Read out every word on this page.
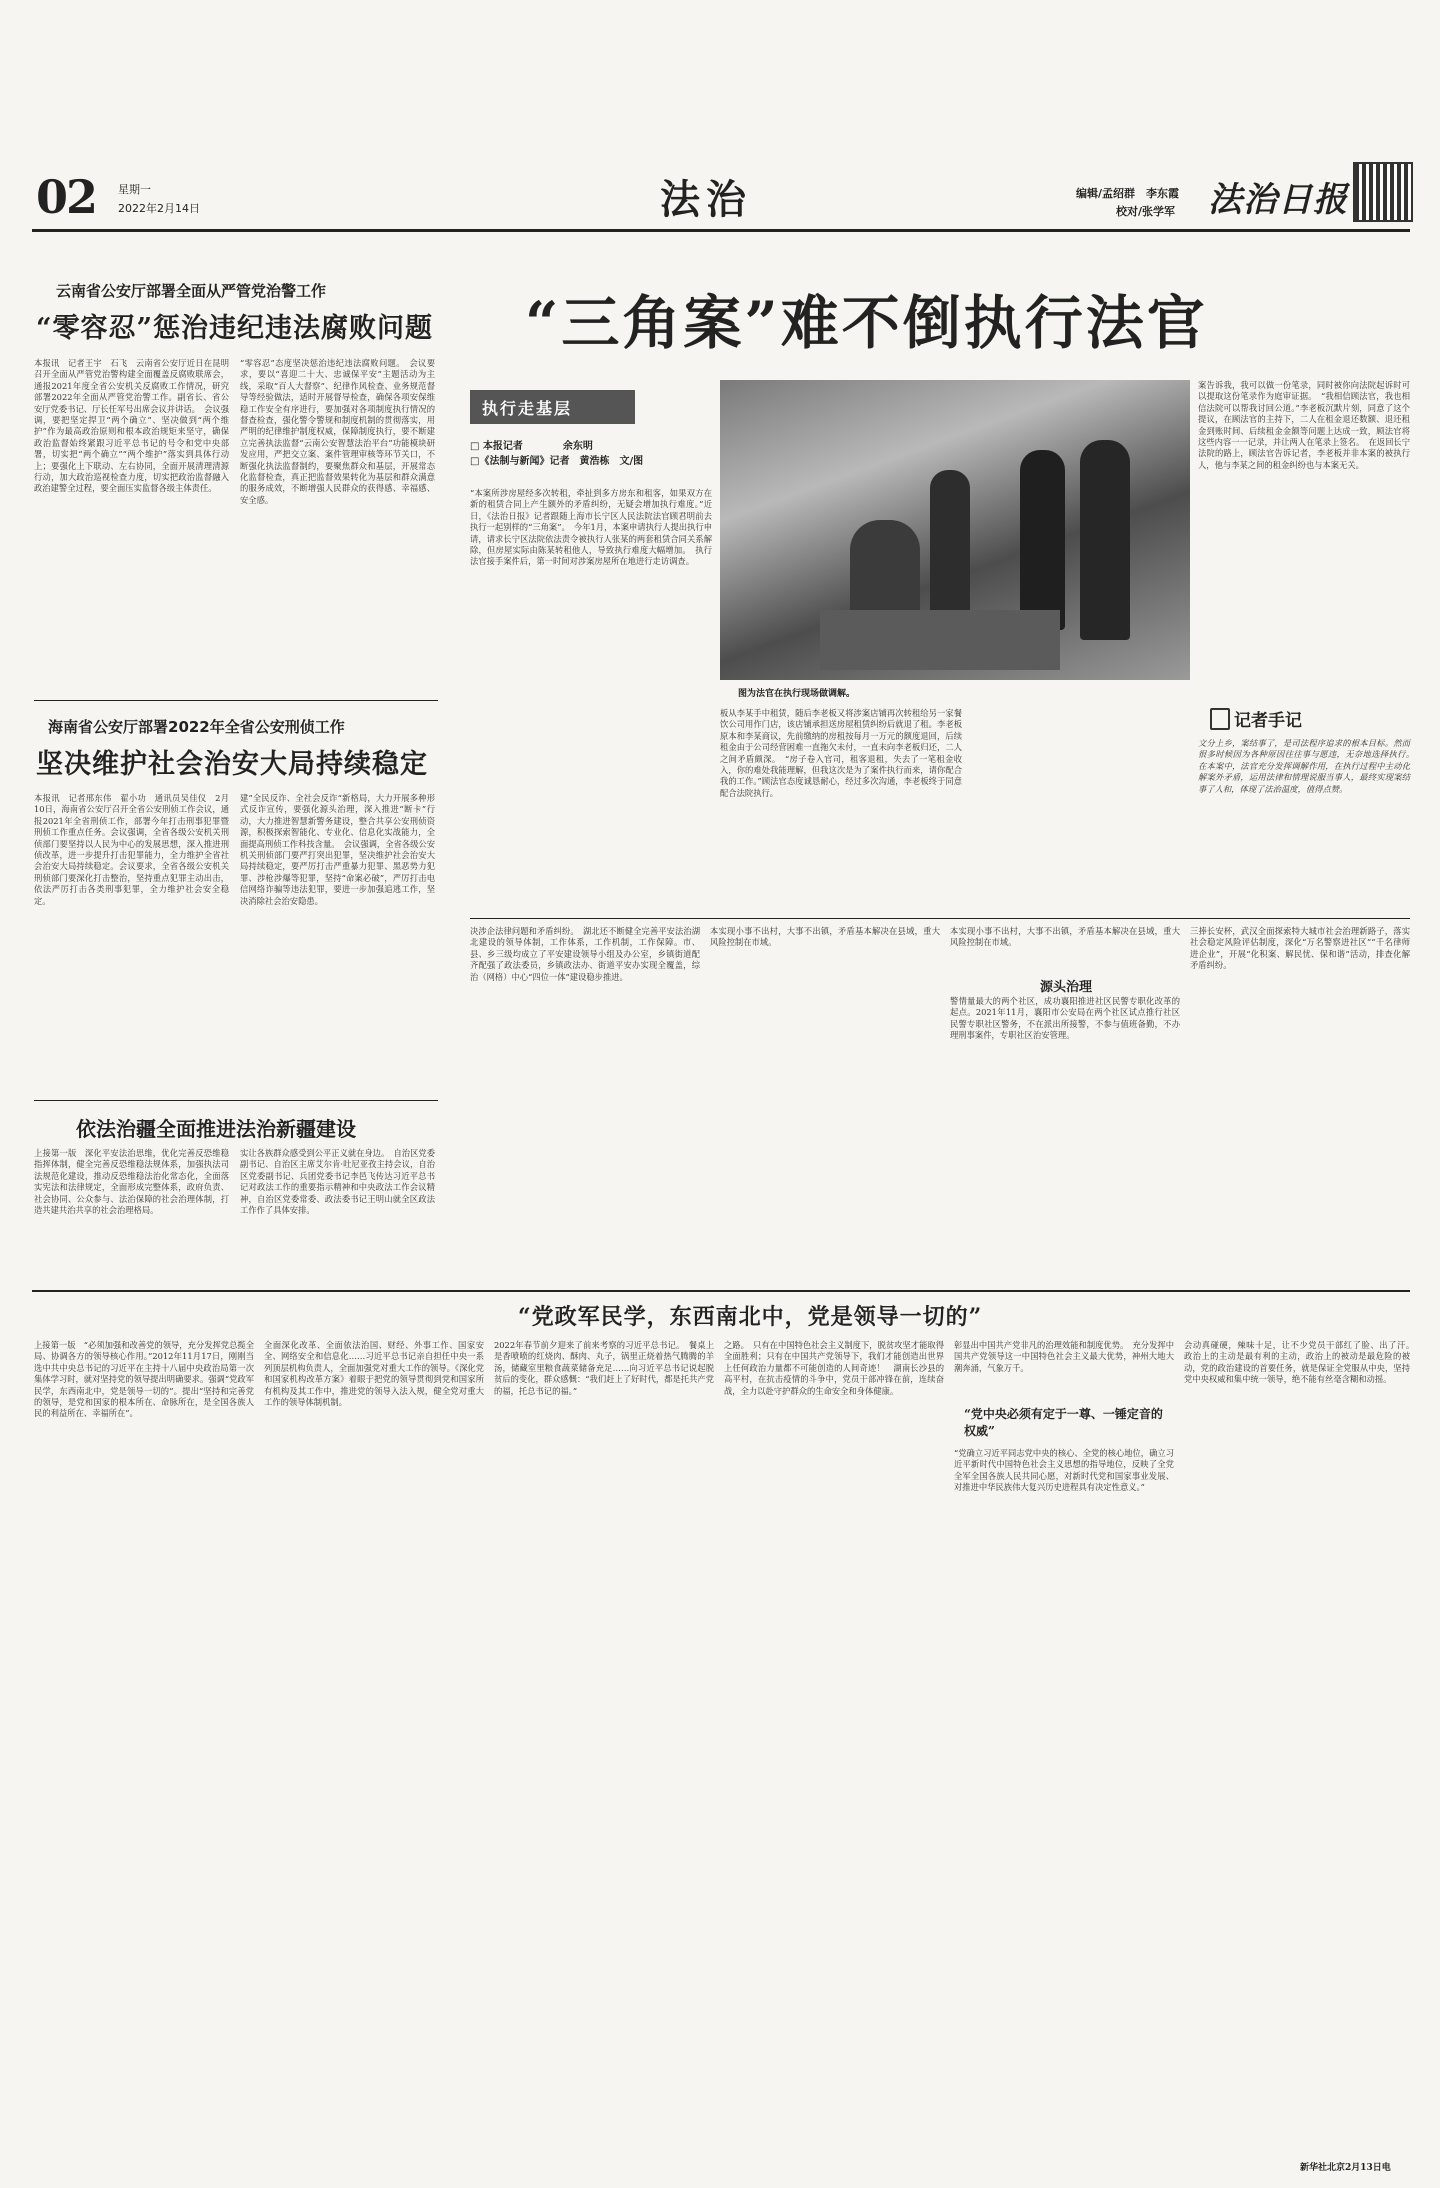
02 星期一
2022年2月14日	法治	编辑/孟绍群　李东霞
校对/张学军 法治日报
云南省公安厅部署全面从严管党治警工作
“零容忍”惩治违纪违法腐败问题
本报讯　记者王宇　石飞　云南省公安厅近日在昆明召开全面从严管党治警构建全面覆盖反腐败联席会，通报2021年度全省公安机关反腐败工作情况，研究部署2022年全面从严管党治警工作。副省长、省公安厅党委书记、厅长任军号出席会议并讲话。　会议强调，要把坚定捍卫“两个确立”、坚决做到“两个维护”作为最高政治原则和根本政治规矩来坚守，确保政治监督始终紧跟习近平总书记的号令和党中央部署，切实把“两个确立”“两个维护”落实到具体行动上；要强化上下联动、左右协同，全面开展清理清源行动，加大政治巡视检查力度，切实把政治监督融入政治建警全过程，要全面压实监督各级主体责任。
“零容忍”态度坚决惩治违纪违法腐败问题。　会议要求，要以“喜迎二十大、忠诚保平安”主题活动为主线，采取“百人大督察”、纪律作风检查、业务规范督导等经验做法，适时开展督导检查，确保各项安保维稳工作安全有序进行，要加强对各项制度执行情况的督查检查，强化警令警规和制度机制的贯彻落实，用严明的纪律维护制度权威，保障制度执行，要不断建立完善执法监督“云南公安智慧法治平台”功能模块研发应用，严把交立案、案件管理审核等环节关口，不断强化执法监督制约，要聚焦群众和基层，开展常态化监督检查，真正把监督效果转化为基层和群众满意的服务成效，不断增强人民群众的获得感、幸福感、安全感。
海南省公安厅部署2022年全省公安刑侦工作
坚决维护社会治安大局持续稳定
本报讯　记者邢东伟　翟小功　通讯员吴佳仪　2月10日，海南省公安厅召开全省公安刑侦工作会议，通报2021年全省刑侦工作，部署今年打击刑事犯罪暨刑侦工作重点任务。会议强调，全省各级公安机关刑侦部门要坚持以人民为中心的发展思想，深入推进刑侦改革，进一步提升打击犯罪能力，全力维护全省社会治安大局持续稳定。会议要求，全省各级公安机关刑侦部门要深化打击整治，坚持重点犯罪主动出击，依法严厉打击各类刑事犯罪，全力维护社会安全稳定。
建”全民反诈、全社会反诈“新格局，大力开展多种形式反诈宣传，要强化源头治理，深入推进“断卡”行动，大力推进智慧新警务建设，整合共享公安刑侦资源，积极探索智能化、专业化、信息化实战能力，全面提高刑侦工作科技含量。　会议强调，全省各级公安机关刑侦部门要严打突出犯罪，坚决维护社会治安大局持续稳定，要严厉打击严重暴力犯罪、黑恶势力犯罪、涉枪涉爆等犯罪，坚持“命案必破”，严厉打击电信网络诈骗等违法犯罪，要进一步加强追逃工作，坚决消除社会治安隐患。
依法治疆全面推进法治新疆建设
上接第一版　深化平安法治思维，优化完善反恐维稳指挥体制，健全完善反恐维稳法规体系，加强执法司法规范化建设，推动反恐维稳法治化常态化，全面落实宪法和法律规定，全面形成完整体系，政府负责、社会协同、公众参与、法治保障的社会治理体制，打造共建共治共享的社会治理格局。
实让各族群众感受到公平正义就在身边。　自治区党委副书记、自治区主席艾尔肯·吐尼亚孜主持会议，自治区党委副书记、兵团党委书记李邑飞传达习近平总书记对政法工作的重要指示精神和中央政法工作会议精神，自治区党委常委、政法委书记王明山就全区政法工作作了具体安排。
“三角案”难不倒执行法官
执行走基层
□ 本报记者　　　　余东明
□《法制与新闻》记者　黄浩栋　文/图
“本案所涉房屋经多次转租，牵扯到多方房东和租客，如果双方在新的租赁合同上产生额外的矛盾纠纷，无疑会增加执行难度。”近日，《法治日报》记者跟随上海市长宁区人民法院法官顾君明前去执行一起别样的“三角案”。　今年1月，本案申请执行人提出执行申请，请求长宁区法院依法责令被执行人张某的两套租赁合同关系解除，但房屋实际由陈某转租他人，导致执行难度大幅增加。　执行法官接手案件后，第一时间对涉案房屋所在地进行走访调查。
图为法官在执行现场做调解。
板从李某手中租赁，随后李老板又将涉案店铺再次转租给另一家餐饮公司用作门店，该店铺承担送房屋租赁纠纷后就退了租。李老板原本和李某商议，先前缴纳的房租按每月一万元的额度退回，后续租金由于公司经营困难一直拖欠未付，一直未向李老板归还，二人之间矛盾颇深。　“房子卷入官司，租客退租，失去了一笔租金收入，你的难处我能理解，但我这次是为了案件执行而来，请你配合我的工作。”顾法官态度诚恳耐心，经过多次沟通，李老板终于同意配合法院执行。
案告诉我，我可以做一份笔录，同时被你向法院起诉时可以提取这份笔录作为庭审证据。　“我相信顾法官，我也相信法院可以帮我讨回公道。”李老板沉默片刻，同意了这个提议，在顾法官的主持下，二人在租金退还数额、退还租金到账时间、后续租金金额等问题上达成一致，顾法官将这些内容一一记录，并让两人在笔录上签名。　在返回长宁法院的路上，顾法官告诉记者，李老板并非本案的被执行人，他与李某之间的租金纠纷也与本案无关。
记者手记
文分上乡，案结事了，是司法程序追求的根本目标。然而很多时候因为各种原因往往事与愿违，无奈地选择执行。　在本案中，法官充分发挥调解作用，在执行过程中主动化解案外矛盾，运用法律和情理说服当事人，最终实现案结事了人和，体现了法治温度，值得点赞。
决涉企法律问题和矛盾纠纷。　湖北还不断健全完善平安法治湖北建设的领导体制，工作体系，工作机制，工作保障。市、县、乡三级均成立了平安建设领导小组及办公室，乡镇街道配齐配强了政法委员，乡镇政法办、街道平安办实现全覆盖，综治（网格）中心“四位一体”建设稳步推进。
本实现小事不出村，大事不出镇，矛盾基本解决在县域，重大风险控制在市域。
本实现小事不出村，大事不出镇，矛盾基本解决在县域，重大风险控制在市域。
源头治理
警情量最大的两个社区，成功襄阳推进社区民警专职化改革的起点。2021年11月，襄阳市公安局在两个社区试点推行社区民警专职社区警务，不在派出所接警，不参与值班备勤，不办理刑事案件，专职社区治安管理。
三捧长安杯，武汉全面探索特大城市社会治理新路子，落实社会稳定风险评估制度，深化“万名警察进社区”“千名律师进企业”，开展“化积案、解民忧、保和谐”活动，排查化解矛盾纠纷。
“党政军民学，东西南北中，党是领导一切的”
上接第一版　“必须加强和改善党的领导，充分发挥党总揽全局、协调各方的领导核心作用。”2012年11月17日，刚刚当选中共中央总书记的习近平在主持十八届中央政治局第一次集体学习时，就对坚持党的领导提出明确要求。强调“党政军民学，东西南北中，党是领导一切的”。提出“坚持和完善党的领导，是党和国家的根本所在、命脉所在，是全国各族人民的利益所在、幸福所在”。
全面深化改革、全面依法治国、财经、外事工作、国家安全、网络安全和信息化……习近平总书记亲自担任中央一系列顶层机构负责人，全面加强党对重大工作的领导。《深化党和国家机构改革方案》着眼于把党的领导贯彻到党和国家所有机构及其工作中，推进党的领导入法入规，健全党对重大工作的领导体制机制。
2022年春节前夕迎来了前来考察的习近平总书记。　餐桌上是香喷喷的红烧肉、酥肉、丸子，锅里正烧着热气腾腾的羊汤，储藏室里粮食蔬菜储备充足……向习近平总书记说起脱贫后的变化，群众感慨：“我们赶上了好时代，都是托共产党的福，托总书记的福。”
之路。　只有在中国特色社会主义制度下，脱贫攻坚才能取得全面胜利；只有在中国共产党领导下，我们才能创造出世界上任何政治力量都不可能创造的人间奇迹！　湖南长沙县的高平村，在抗击疫情的斗争中，党员干部冲锋在前，连续奋战，全力以赴守护群众的生命安全和身体健康。
彰显出中国共产党非凡的治理效能和制度优势。　充分发挥中国共产党领导这一中国特色社会主义最大优势，神州大地大潮奔涌，气象万千。
“党中央必须有定于一尊、一锤定音的权威”
“党确立习近平同志党中央的核心、全党的核心地位，确立习近平新时代中国特色社会主义思想的指导地位，反映了全党全军全国各族人民共同心愿，对新时代党和国家事业发展、对推进中华民族伟大复兴历史进程具有决定性意义。”
会动真碰硬，辣味十足，让不少党员干部红了脸、出了汗。　政治上的主动是最有利的主动，政治上的被动是最危险的被动，党的政治建设的首要任务，就是保证全党服从中央，坚持党中央权威和集中统一领导，绝不能有丝毫含糊和动摇。
新华社北京2月13日电
